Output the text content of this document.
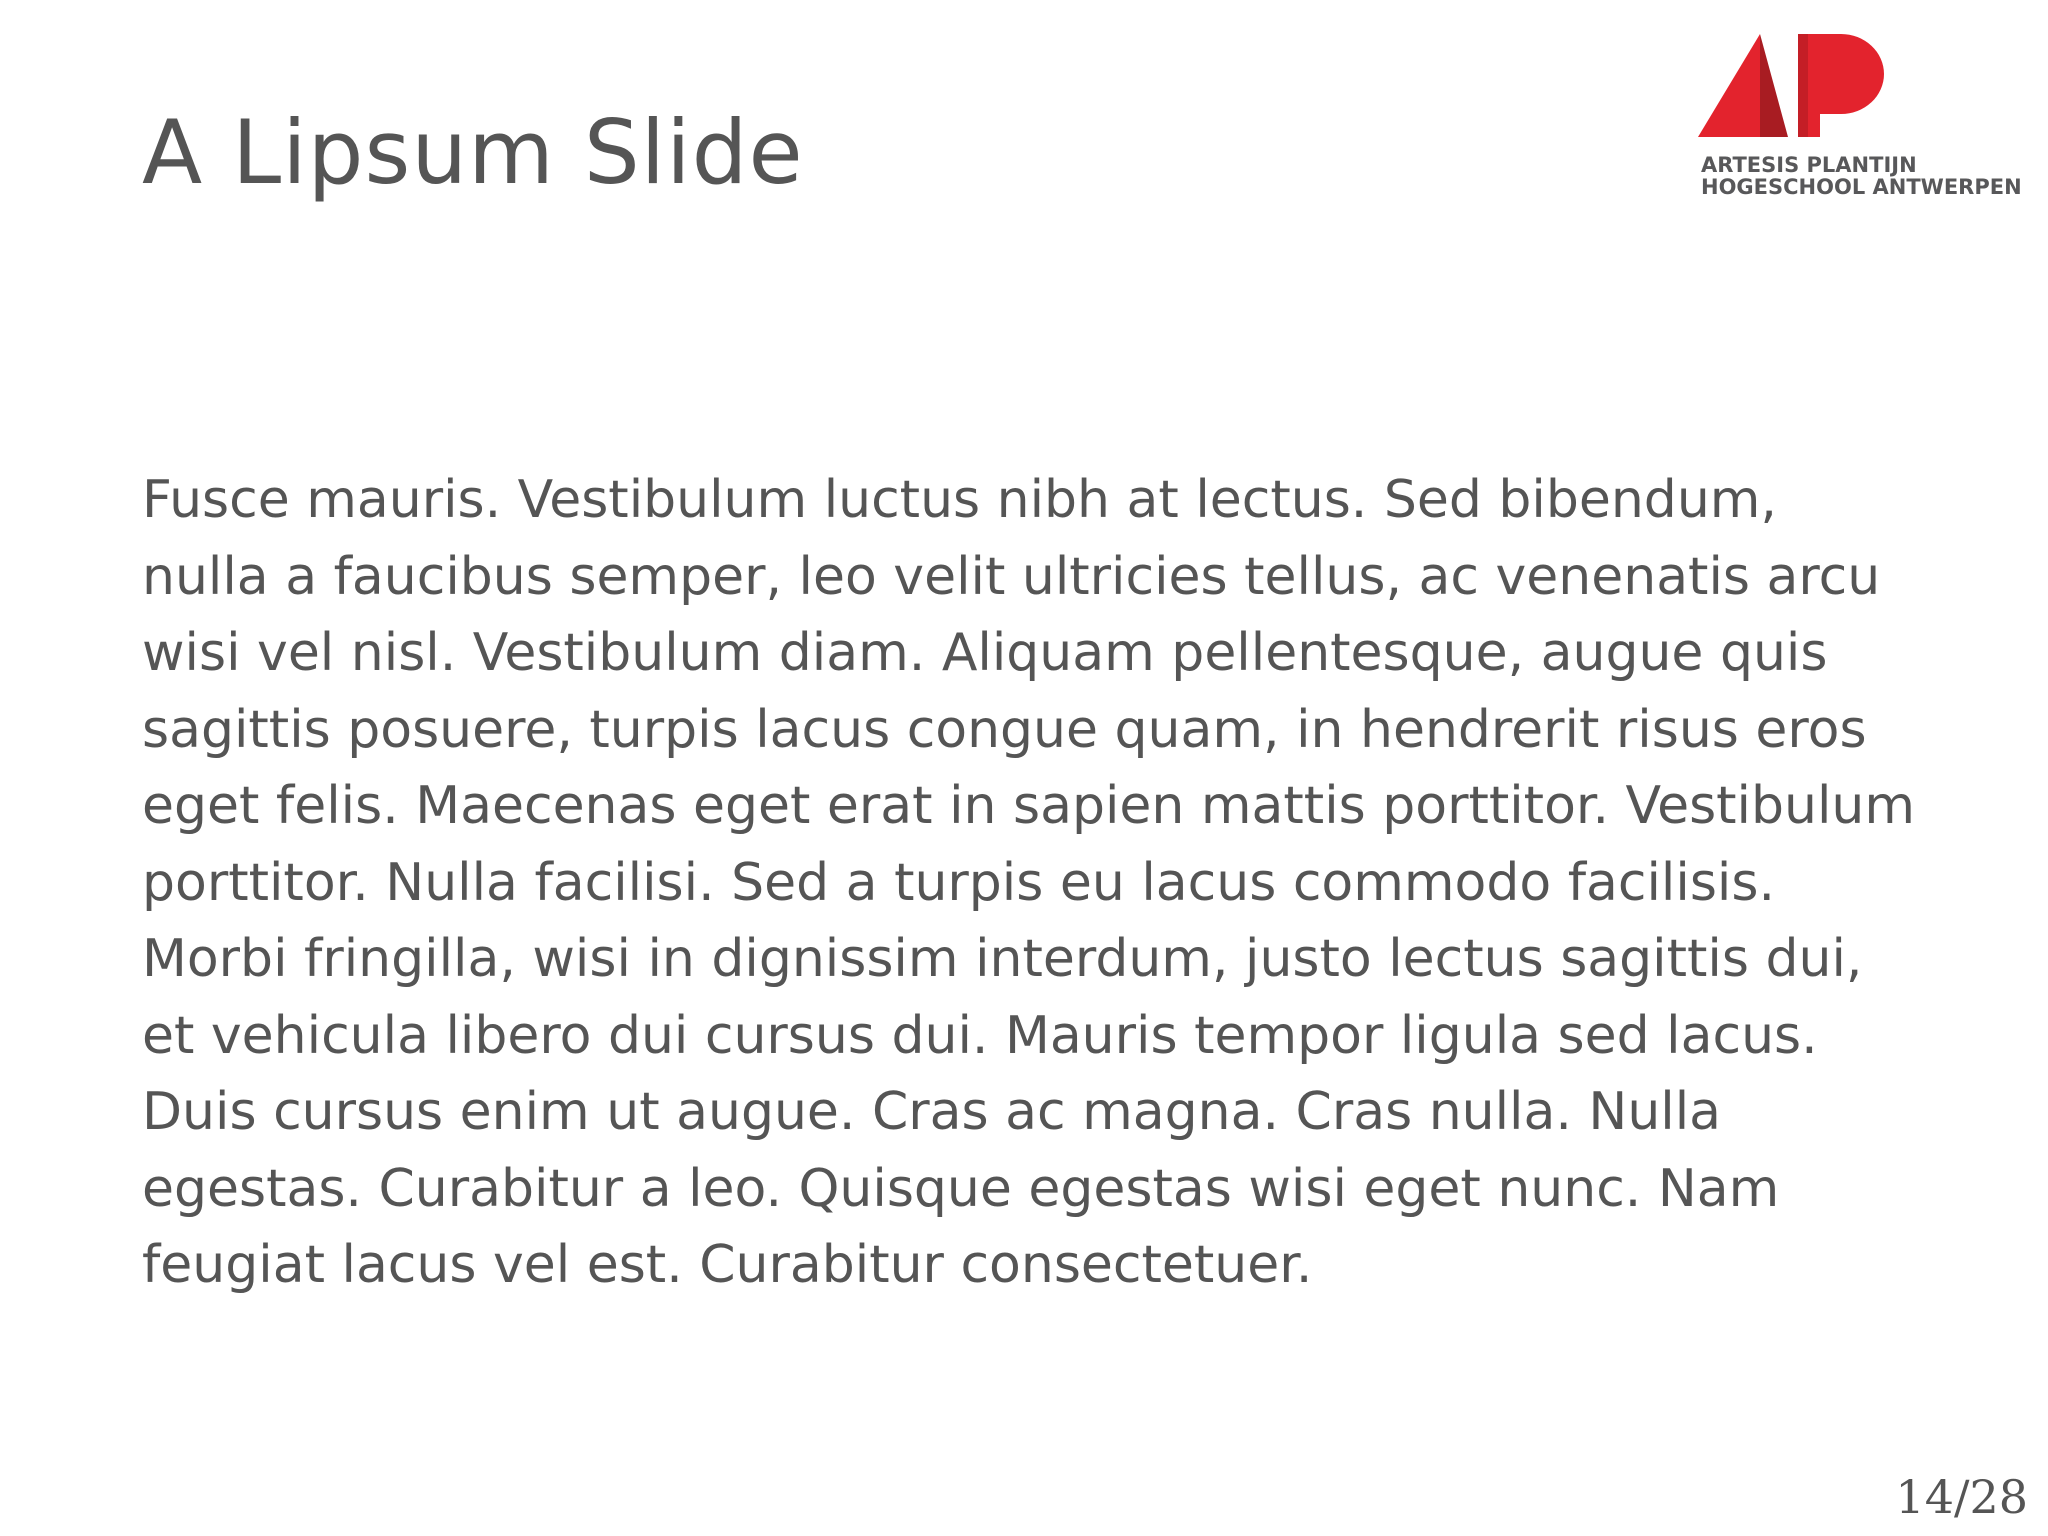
A Lipsum Slide	ARTESIS PLANTIJN
HOGESCHOOL ANTWERPEN

Fusce mauris. Vestibulum luctus nibh at lectus. Sed bibendum,
nulla a faucibus semper, leo velit ultricies tellus, ac venenatis arcu
wisi vel nisl. Vestibulum diam. Aliquam pellentesque, augue quis
sagittis posuere, turpis lacus congue quam, in hendrerit risus eros
eget felis. Maecenas eget erat in sapien mattis porttitor. Vestibulum
porttitor. Nulla facilisi. Sed a turpis eu lacus commodo facilisis.
Morbi fringilla, wisi in dignissim interdum, justo lectus sagittis dui,
et vehicula libero dui cursus dui. Mauris tempor ligula sed lacus.
Duis cursus enim ut augue. Cras ac magna. Cras nulla. Nulla
egestas. Curabitur a leo. Quisque egestas wisi eget nunc. Nam
feugiat lacus vel est. Curabitur consectetuer.

14/28
